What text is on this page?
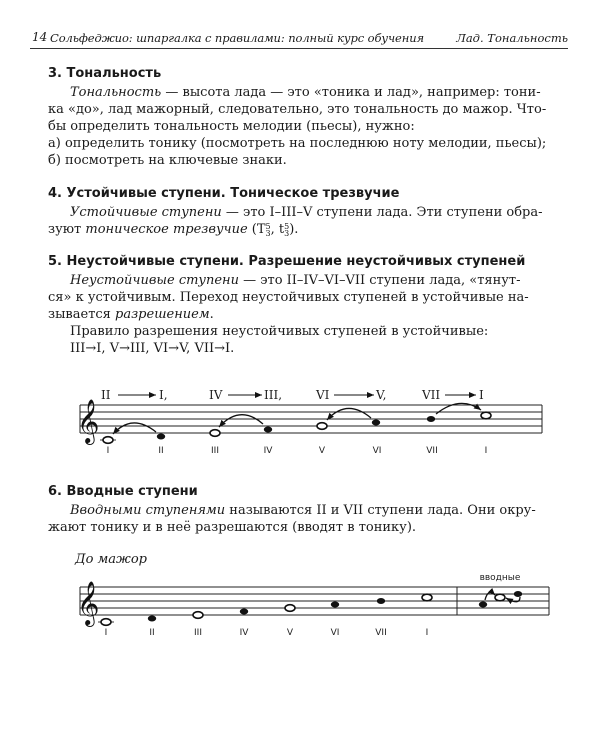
14 Сольфеджио: шпаргалка с правилами: полный курс обучения	Лад. Тональность
3. Тональность

Тональность — высота лада — это «тоника и лад», например: тони-

ка «до», лад мажорный, следовательно, это тональность до мажор. Что-

бы определить тональность мелодии (пьесы), нужно:

а) определить тонику (посмотреть на последнюю ноту мелодии, пьесы);

б) посмотреть на ключевые знаки.

4. Устойчивые ступени. Тоническое трезвучие

Устойчивые ступени — это I–III–V ступени лада. Эти ступени обра-

зуют тоническое трезвучие (T5
3, t5
3).

5. Неустойчивые ступени. Разрешение неустойчивых ступеней

Неустойчивые ступени — это II–IV–VI–VII ступени лада, «тянут-

ся» к устойчивым. Переход неустойчивых ступеней в устойчивые на-

зывается разрешением.

Правило разрешения неустойчивых ступеней в устойчивые:

III→I, V→III, VI→V, VII→I.

II	I,	IV	III,	VI	V,	VII	I
𝄞
I	II	III	IV	V	VI	VII	I
𝄞
вводные
I	II	III	IV	V	VI	VII	I
6. Вводные ступени

Вводными ступенями называются II и VII ступени лада. Они окру-

жают тонику и в неё разрешаются (вводят в тонику).

До мажор
